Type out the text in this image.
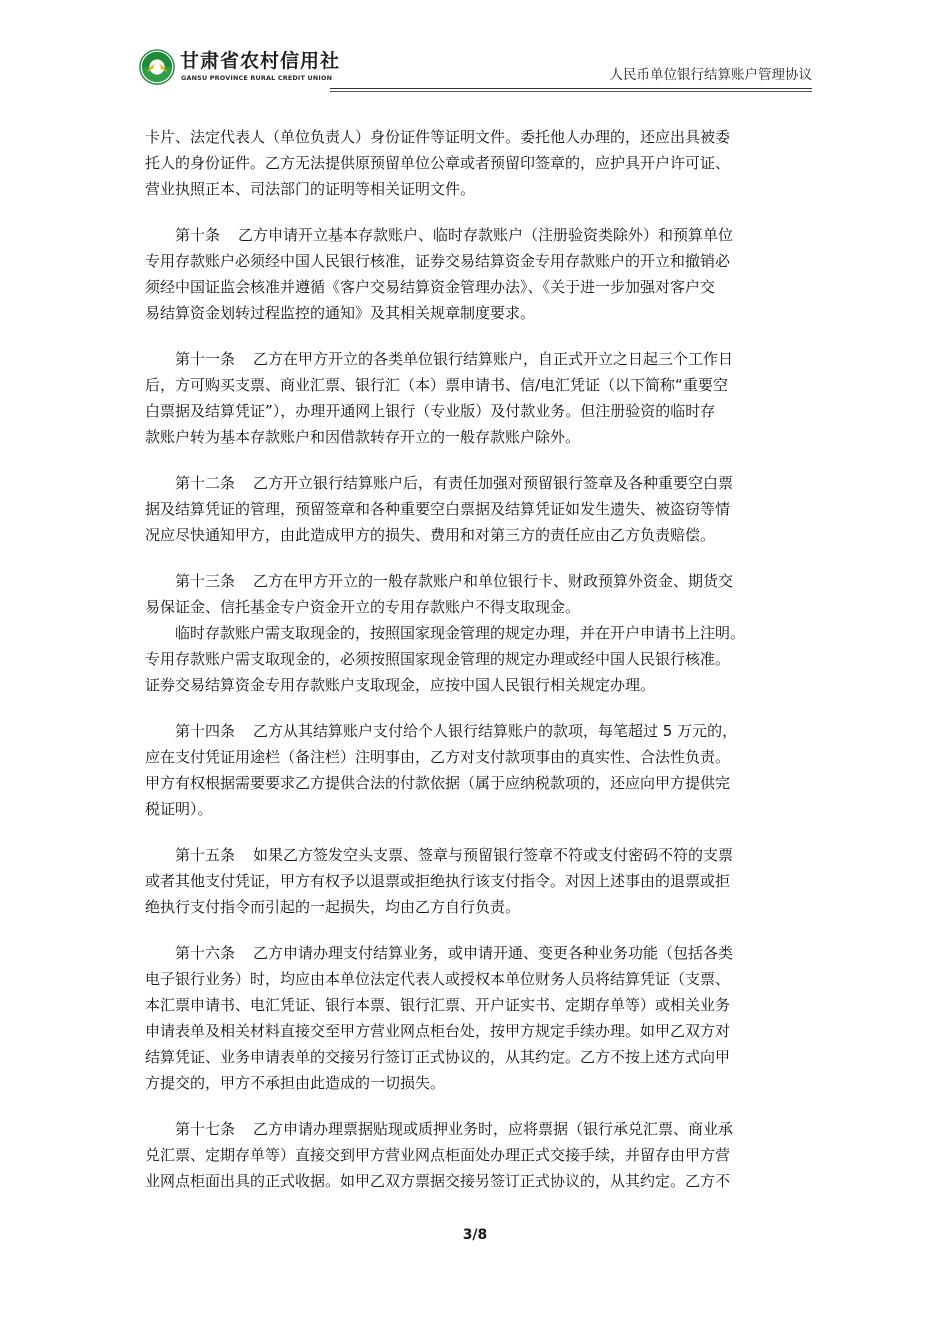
甘肃省农村信用社
GANSU PROVINCE RURAL CREDIT UNION	人民币单位银行结算账户管理协议
卡片、法定代表人（单位负责人）身份证件等证明文件。委托他人办理的，还应出具被委
托人的身份证件。乙方无法提供原预留单位公章或者预留印签章的，应护具开户许可证、
营业执照正本、司法部门的证明等相关证明文件。
第十条 乙方申请开立基本存款账户、临时存款账户（注册验资类除外）和预算单位
专用存款账户必须经中国人民银行核准，证券交易结算资金专用存款账户的开立和撤销必
须经中国证监会核准并遵循《客户交易结算资金管理办法》、《关于进一步加强对客户交
易结算资金划转过程监控的通知》及其相关规章制度要求。
第十一条 乙方在甲方开立的各类单位银行结算账户，自正式开立之日起三个工作日
后，方可购买支票、商业汇票、银行汇（本）票申请书、信/电汇凭证（以下简称“重要空
白票据及结算凭证”），办理开通网上银行（专业版）及付款业务。但注册验资的临时存
款账户转为基本存款账户和因借款转存开立的一般存款账户除外。
第十二条 乙方开立银行结算账户后，有责任加强对预留银行签章及各种重要空白票
据及结算凭证的管理，预留签章和各种重要空白票据及结算凭证如发生遗失、被盗窃等情
况应尽快通知甲方，由此造成甲方的损失、费用和对第三方的责任应由乙方负责赔偿。
第十三条 乙方在甲方开立的一般存款账户和单位银行卡、财政预算外资金、期货交
易保证金、信托基金专户资金开立的专用存款账户不得支取现金。
临时存款账户需支取现金的，按照国家现金管理的规定办理，并在开户申请书上注明。
专用存款账户需支取现金的，必须按照国家现金管理的规定办理或经中国人民银行核准。
证券交易结算资金专用存款账户支取现金，应按中国人民银行相关规定办理。
第十四条 乙方从其结算账户支付给个人银行结算账户的款项，每笔超过 5 万元的，
应在支付凭证用途栏（备注栏）注明事由，乙方对支付款项事由的真实性、合法性负责。
甲方有权根据需要要求乙方提供合法的付款依据（属于应纳税款项的，还应向甲方提供完
税证明）。
第十五条 如果乙方签发空头支票、签章与预留银行签章不符或支付密码不符的支票
或者其他支付凭证，甲方有权予以退票或拒绝执行该支付指令。对因上述事由的退票或拒
绝执行支付指令而引起的一起损失，均由乙方自行负责。
第十六条 乙方申请办理支付结算业务，或申请开通、变更各种业务功能（包括各类
电子银行业务）时，均应由本单位法定代表人或授权本单位财务人员将结算凭证（支票、
本汇票申请书、电汇凭证、银行本票、银行汇票、开户证实书、定期存单等）或相关业务
申请表单及相关材料直接交至甲方营业网点柜台处，按甲方规定手续办理。如甲乙双方对
结算凭证、业务申请表单的交接另行签订正式协议的，从其约定。乙方不按上述方式向甲
方提交的，甲方不承担由此造成的一切损失。
第十七条 乙方申请办理票据贴现或质押业务时，应将票据（银行承兑汇票、商业承
兑汇票、定期存单等）直接交到甲方营业网点柜面处办理正式交接手续，并留存由甲方营
业网点柜面出具的正式收据。如甲乙双方票据交接另签订正式协议的，从其约定。乙方不
3/8
